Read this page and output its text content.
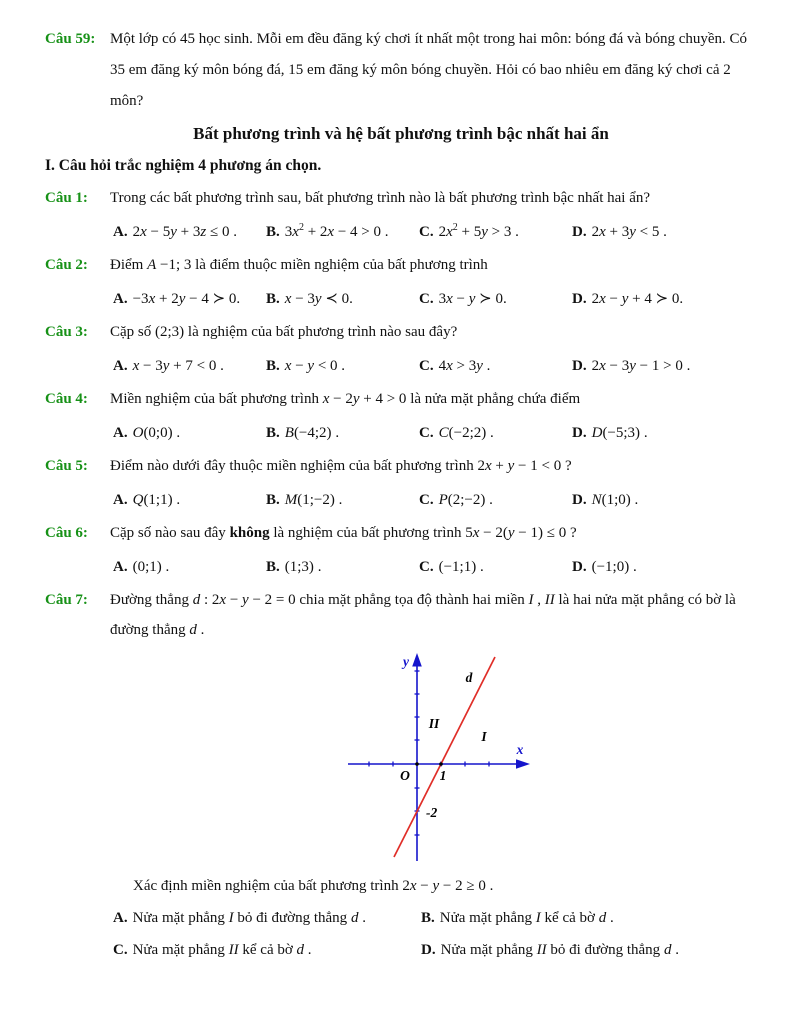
Câu 59: Một lớp có 45 học sinh. Mỗi em đều đăng ký chơi ít nhất một trong hai môn: bóng đá và bóng chuyền. Có 35 em đăng ký môn bóng đá, 15 em đăng ký môn bóng chuyền. Hỏi có bao nhiêu em đăng ký chơi cả 2 môn?
Bất phương trình và hệ bất phương trình bậc nhất hai ẩn
I. Câu hỏi trắc nghiệm 4 phương án chọn.
Câu 1:	Trong các bất phương trình sau, bất phương trình nào là bất phương trình bậc nhất hai ẩn?
A. 2x − 5y + 3z ≤ 0 .	B. $3x^2 + 2x - 4 > 0$ .	C. $2x^2 + 5y > 3$ .	D. 2x + 3y < 5 .
Câu 2:	Điểm A −1; 3 là điểm thuộc miền nghiệm của bất phương trình
A. −3x + 2y − 4 ≻ 0.	B. x − 3y ≺ 0.	C. 3x − y ≻ 0.	D. 2x − y + 4 ≻ 0.
Câu 3:	Cặp số (2;3) là nghiệm của bất phương trình nào sau đây?
A. x − 3y + 7 < 0 .	B. x − y < 0 .	C. 4x > 3y .	D. 2x − 3y − 1 > 0 .
Câu 4:	Miền nghiệm của bất phương trình x − 2y + 4 > 0 là nửa mặt phẳng chứa điểm
A. O(0;0) .	B. B(−4;2) .	C. C(−2;2) .	D. D(−5;3) .
Câu 5:	Điểm nào dưới đây thuộc miền nghiệm của bất phương trình 2x + y − 1 < 0 ?
A. Q(1;1) .	B. M(1;−2) .	C. P(2;−2) .	D. N(1;0) .
Câu 6:	Cặp số nào sau đây không là nghiệm của bất phương trình 5x − 2(y − 1) ≤ 0 ?
A. (0;1) .	B. (1;3) .	C. (−1;1) .	D. (−1;0) .
Câu 7:	Đường thẳng d : 2x − y − 2 = 0 chia mặt phẳng tọa độ thành hai miền I , II là hai nửa mặt phẳng có bờ là đường thẳng d .
y
x
d
II
I
O 1
-2
Xác định miền nghiệm của bất phương trình 2x − y − 2 ≥ 0 .
A. Nửa mặt phẳng I bỏ đi đường thẳng d .	B. Nửa mặt phẳng I kể cả bờ d .
C. Nửa mặt phẳng II kể cả bờ d .	D. Nửa mặt phẳng II bỏ đi đường thẳng d .
